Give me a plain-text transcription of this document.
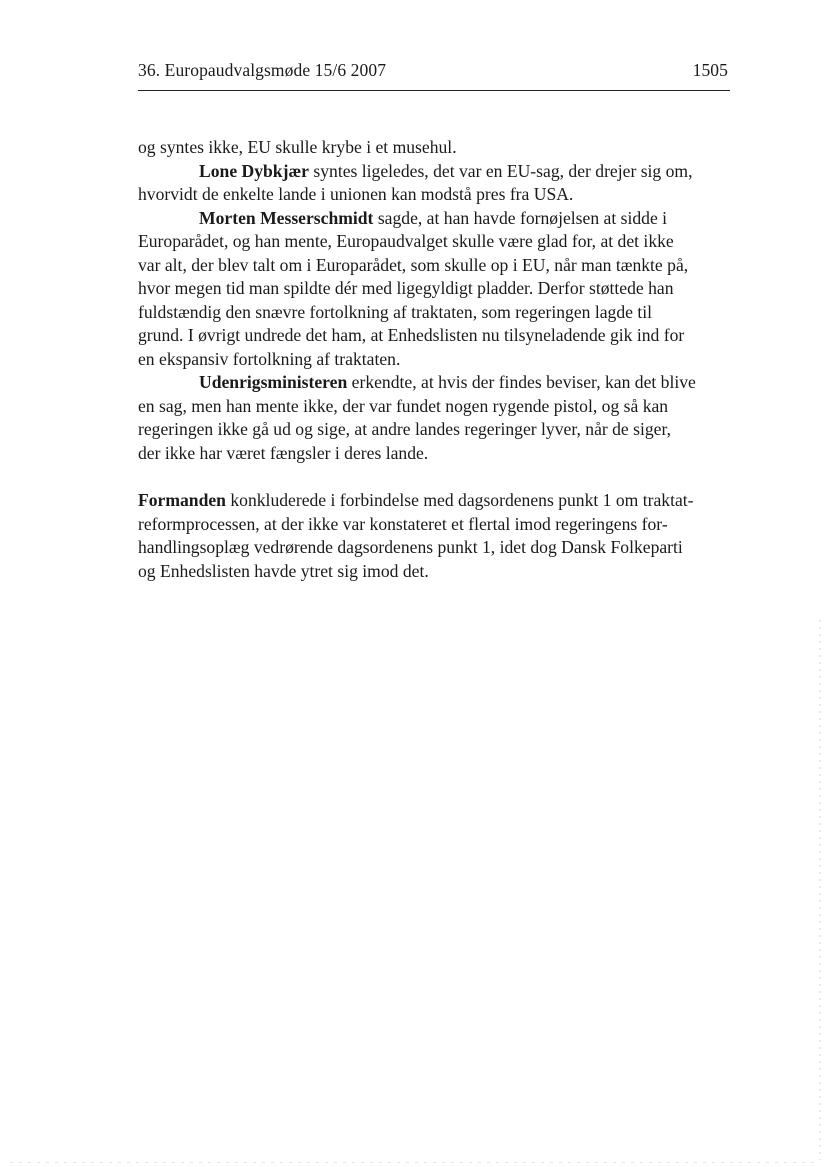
36. Europaudvalgsmøde 15/6 2007	1505
og syntes ikke, EU skulle krybe i et musehul.
Lone Dybkjær syntes ligeledes, det var en EU-sag, der drejer sig om,
hvorvidt de enkelte lande i unionen kan modstå pres fra USA.
Morten Messerschmidt sagde, at han havde fornøjelsen at sidde i
Europarådet, og han mente, Europaudvalget skulle være glad for, at det ikke
var alt, der blev talt om i Europarådet, som skulle op i EU, når man tænkte på,
hvor megen tid man spildte dér med ligegyldigt pladder. Derfor støttede han
fuldstændig den snævre fortolkning af traktaten, som regeringen lagde til
grund. I øvrigt undrede det ham, at Enhedslisten nu tilsyneladende gik ind for
en ekspansiv fortolkning af traktaten.
Udenrigsministeren erkendte, at hvis der findes beviser, kan det blive
en sag, men han mente ikke, der var fundet nogen rygende pistol, og så kan
regeringen ikke gå ud og sige, at andre landes regeringer lyver, når de siger,
der ikke har været fængsler i deres lande.
Formanden konkluderede i forbindelse med dagsordenens punkt 1 om traktat-
reformprocessen, at der ikke var konstateret et flertal imod regeringens for-
handlingsoplæg vedrørende dagsordenens punkt 1, idet dog Dansk Folkeparti
og Enhedslisten havde ytret sig imod det.
